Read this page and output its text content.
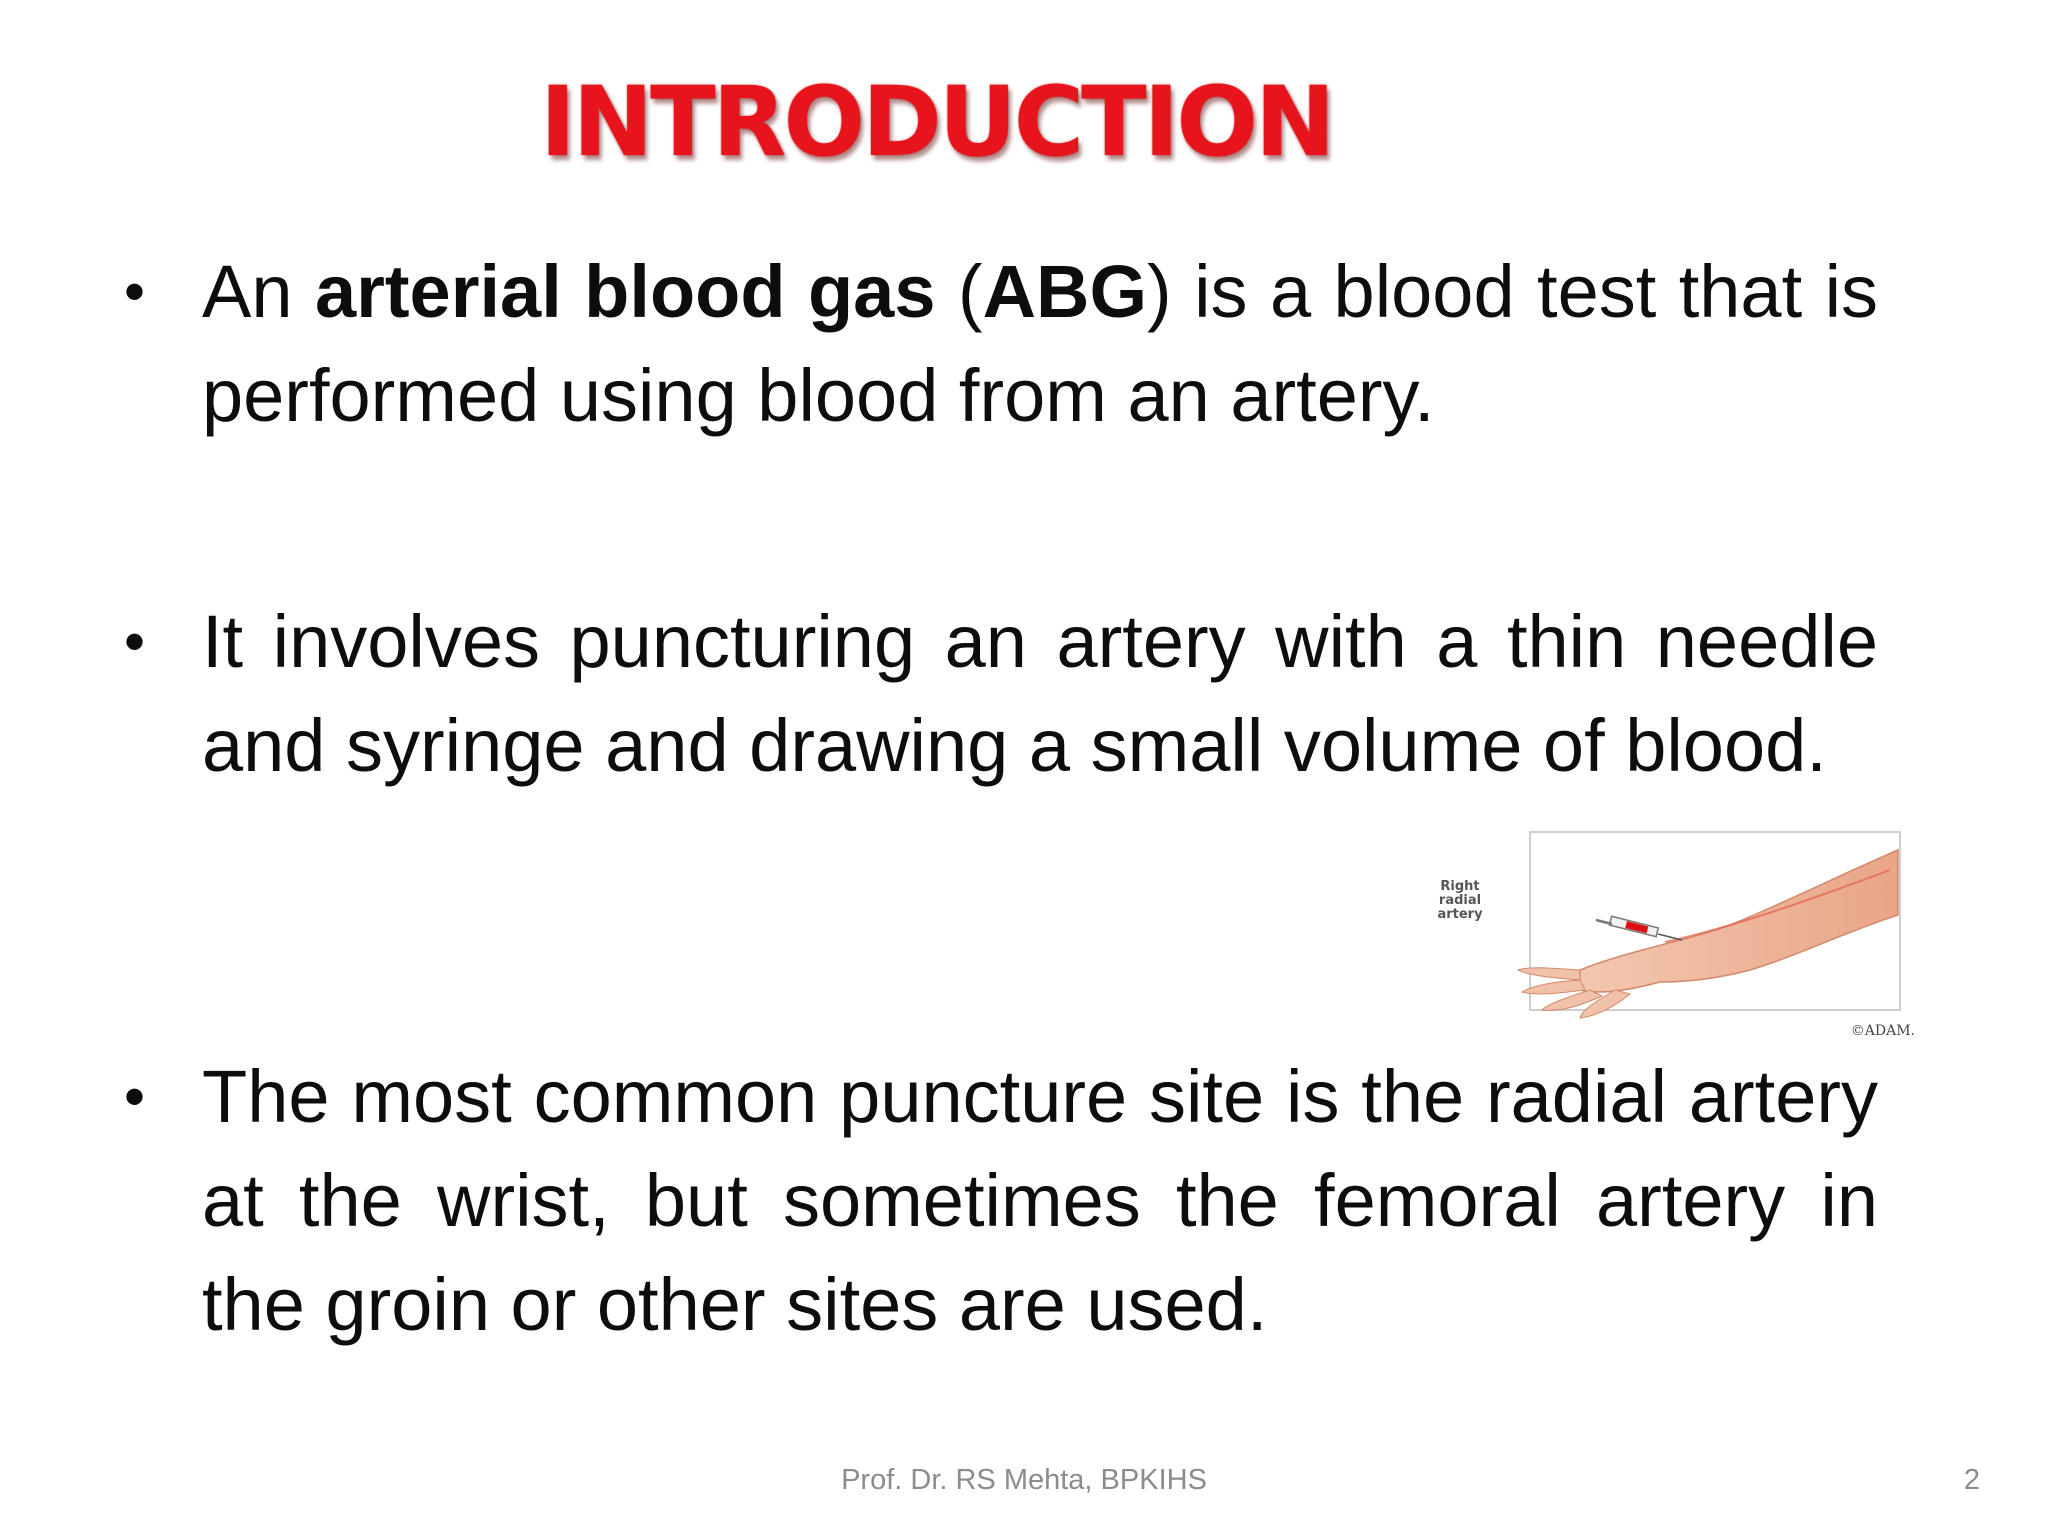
INTRODUCTION
• An arterial blood gas (ABG) is a blood test that is performed using blood from an artery.
• It involves puncturing an artery with a thin needle and syringe and drawing a small volume of blood.
• The most common puncture site is the radial artery at the wrist, but sometimes the femoral artery in the groin or other sites are used.
Right
radial
artery
©ADAM.
Prof. Dr. RS Mehta, BPKIHS	2
